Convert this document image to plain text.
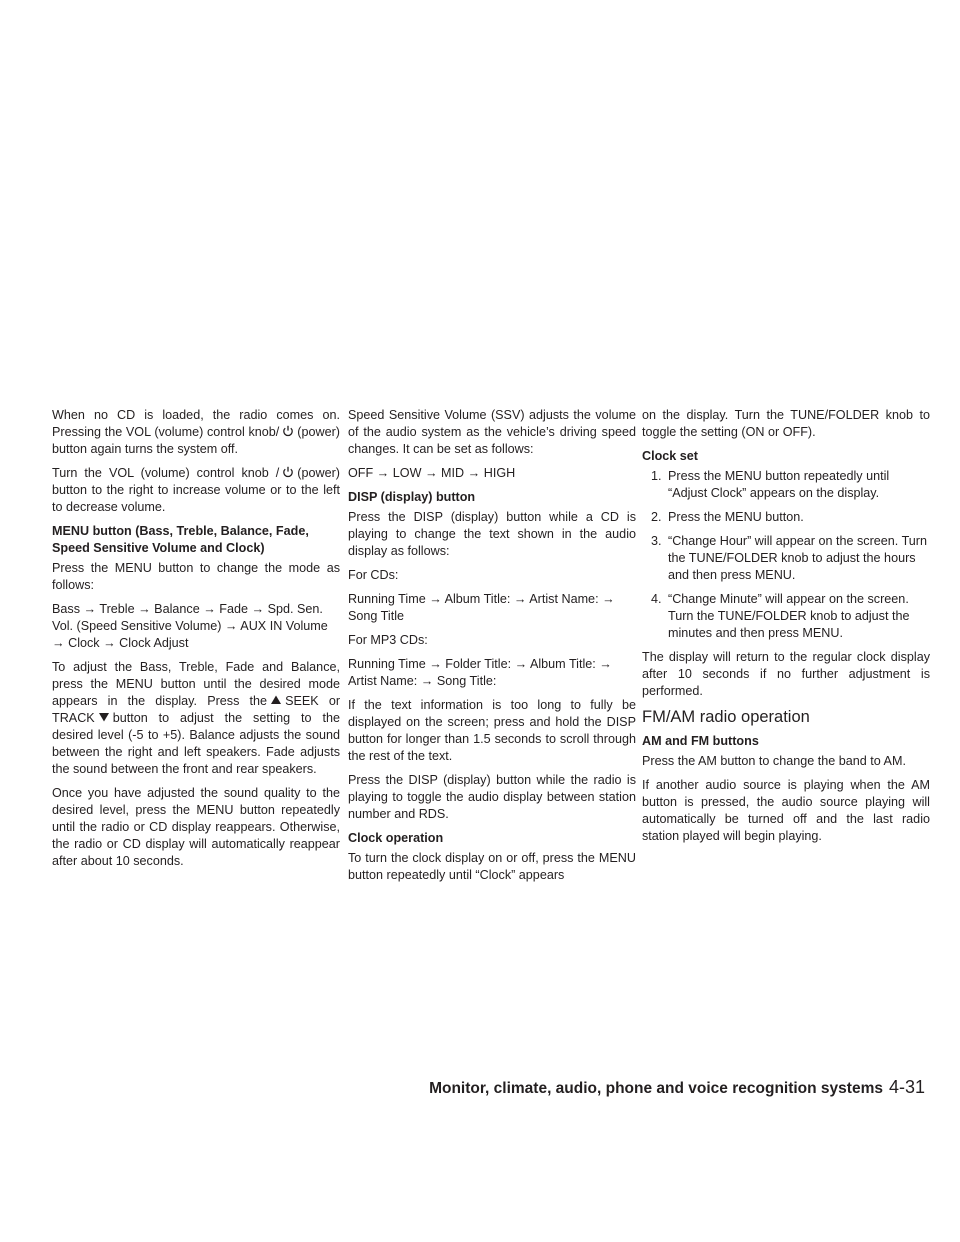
When no CD is loaded, the radio comes on. Pressing the VOL (volume) control knob/ (power) button again turns the system off.

Turn the VOL (volume) control knob / (power) button to the right to increase volume or to the left to decrease volume.

MENU button (Bass, Treble, Balance, Fade, Speed Sensitive Volume and Clock)

Press the MENU button to change the mode as follows:

Bass → Treble → Balance → Fade → Spd. Sen. Vol. (Speed Sensitive Volume) → AUX IN Volume → Clock → Clock Adjust

To adjust the Bass, Treble, Fade and Balance, press the MENU button until the desired mode appears in the display. Press the SEEK or TRACK button to adjust the setting to the desired level (-5 to +5). Balance adjusts the sound between the right and left speakers. Fade adjusts the sound between the front and rear speakers.

Once you have adjusted the sound quality to the desired level, press the MENU button repeatedly until the radio or CD display reappears. Otherwise, the radio or CD display will automatically reappear after about 10 seconds.

Speed Sensitive Volume (SSV) adjusts the volume of the audio system as the vehicle’s driving speed changes. It can be set as follows:

OFF → LOW → MID → HIGH

DISP (display) button

Press the DISP (display) button while a CD is playing to change the text shown in the audio display as follows:

For CDs:

Running Time → Album Title: → Artist Name: → Song Title

For MP3 CDs:

Running Time → Folder Title: → Album Title: → Artist Name: → Song Title:

If the text information is too long to fully be displayed on the screen; press and hold the DISP button for longer than 1.5 seconds to scroll through the rest of the text.

Press the DISP (display) button while the radio is playing to toggle the audio display between station number and RDS.

Clock operation

To turn the clock display on or off, press the MENU button repeatedly until “Clock” appears

on the display. Turn the TUNE/FOLDER knob to toggle the setting (ON or OFF).

Clock set
1. Press the MENU button repeatedly until “Adjust Clock” appears on the display.
2. Press the MENU button.
3. “Change Hour” will appear on the screen. Turn the TUNE/FOLDER knob to adjust the hours and then press MENU.
4. “Change Minute” will appear on the screen. Turn the TUNE/FOLDER knob to adjust the minutes and then press MENU.

The display will return to the regular clock display after 10 seconds if no further adjustment is performed.

FM/AM radio operation
AM and FM buttons

Press the AM button to change the band to AM.

If another audio source is playing when the AM button is pressed, the audio source playing will automatically be turned off and the last radio station played will begin playing.

Monitor, climate, audio, phone and voice recognition systems 4-31
